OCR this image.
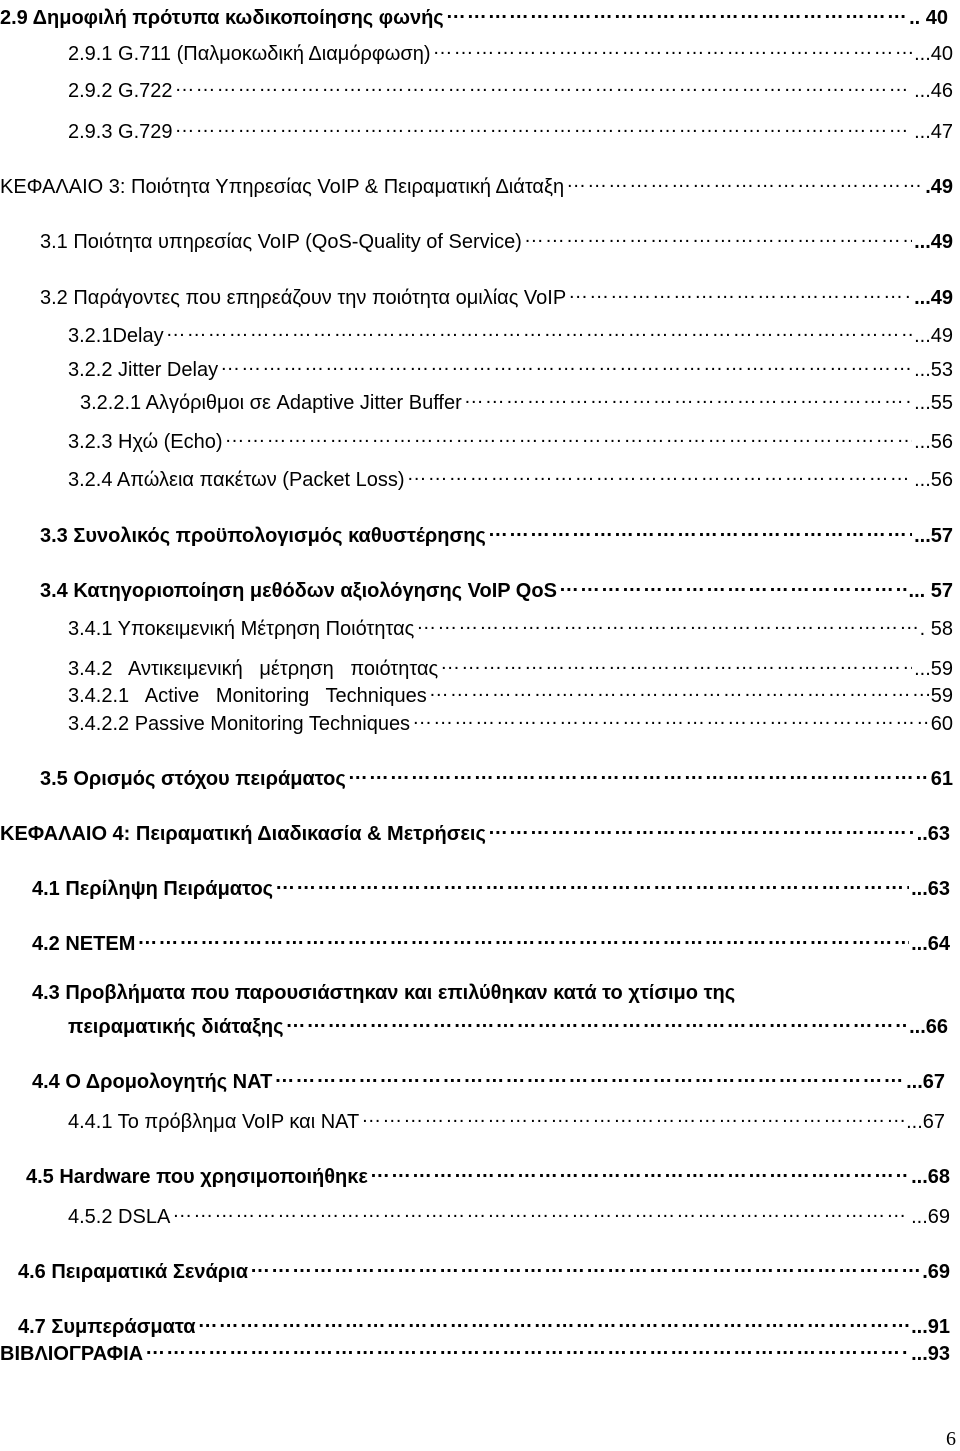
2.9 Δημοφιλή πρότυπα κωδικοποίησης φωνής ………………………………………………………………………………………………………………………………………………………………………………………………	.. 40
2.9.1 G.711 (Παλμοκωδική Διαμόρφωση) ………………………………………………………………………………………………………………………………………………………………………………………………	...40
2.9.2 G.722 ………………………………………………………………………………………………………………………………………………………………………………………………	...46
2.9.3 G.729 ………………………………………………………………………………………………………………………………………………………………………………………………	...47
ΚΕΦΑΛΑΙΟ 3: Ποιότητα Υπηρεσίας VoIP & Πειραματική Διάταξη ………………………………………………………………………………………………………………………………………………………………………………………………	.49
3.1 Ποιότητα υπηρεσίας VoIP (QoS-Quality of Service) ………………………………………………………………………………………………………………………………………………………………………………………………	...49
3.2 Παράγοντες που επηρεάζουν την ποιότητα ομιλίας VoIP ………………………………………………………………………………………………………………………………………………………………………………………………	...49
3.2.1Delay ………………………………………………………………………………………………………………………………………………………………………………………………	...49
3.2.2 Jitter Delay ………………………………………………………………………………………………………………………………………………………………………………………………	...53
3.2.2.1 Αλγόριθμοι σε Adaptive Jitter Buffer ………………………………………………………………………………………………………………………………………………………………………………………………	...55
3.2.3 Ηχώ (Echo) ………………………………………………………………………………………………………………………………………………………………………………………………	...56
3.2.4 Απώλεια πακέτων (Packet Loss) ………………………………………………………………………………………………………………………………………………………………………………………………	...56
3.3 Συνολικός προϋπολογισμός καθυστέρησης ………………………………………………………………………………………………………………………………………………………………………………………………	...57
3.4 Κατηγοριοποίηση μεθόδων αξιολόγησης VoIP QoS ………………………………………………………………………………………………………………………………………………………………………………………………	... 57
3.4.1 Υποκειμενική Μέτρηση Ποιότητας ………………………………………………………………………………………………………………………………………………………………………………………………	. 58
3.4.2   Αντικειμενική   μέτρηση   ποιότητας ………………………………………………………………………………………………………………………………………………………………………………………………	...59
3.4.2.1   Active   Monitoring   Techniques ………………………………………………………………………………………………………………………………………………………………………………………………	59
3.4.2.2 Passive Monitoring Techniques ………………………………………………………………………………………………………………………………………………………………………………………………	60
3.5 Ορισμός στόχου πειράματος ………………………………………………………………………………………………………………………………………………………………………………………………	61
ΚΕΦΑΛΑΙΟ 4: Πειραματική Διαδικασία & Μετρήσεις ………………………………………………………………………………………………………………………………………………………………………………………………	..63
4.1 Περίληψη Πειράματος ………………………………………………………………………………………………………………………………………………………………………………………………	...63
4.2 NETEM ………………………………………………………………………………………………………………………………………………………………………………………………	...64
4.3 Προβλήματα που παρουσιάστηκαν και επιλύθηκαν κατά το χτίσιμο της
πειραματικής διάταξης ………………………………………………………………………………………………………………………………………………………………………………………………	...66
4.4 Ο Δρομολογητής NAT ………………………………………………………………………………………………………………………………………………………………………………………………	...67
4.4.1 Το πρόβλημα VoIP και NAT ………………………………………………………………………………………………………………………………………………………………………………………………	...67
4.5 Hardware που χρησιμοποιήθηκε ………………………………………………………………………………………………………………………………………………………………………………………………	...68
4.5.2 DSLA ………………………………………………………………………………………………………………………………………………………………………………………………	...69
4.6 Πειραματικά Σενάρια ………………………………………………………………………………………………………………………………………………………………………………………………	.69
4.7 Συμπεράσματα ………………………………………………………………………………………………………………………………………………………………………………………………	...91
ΒΙΒΛΙΟΓΡΑΦΙΑ ………………………………………………………………………………………………………………………………………………………………………………………………	...93
6
